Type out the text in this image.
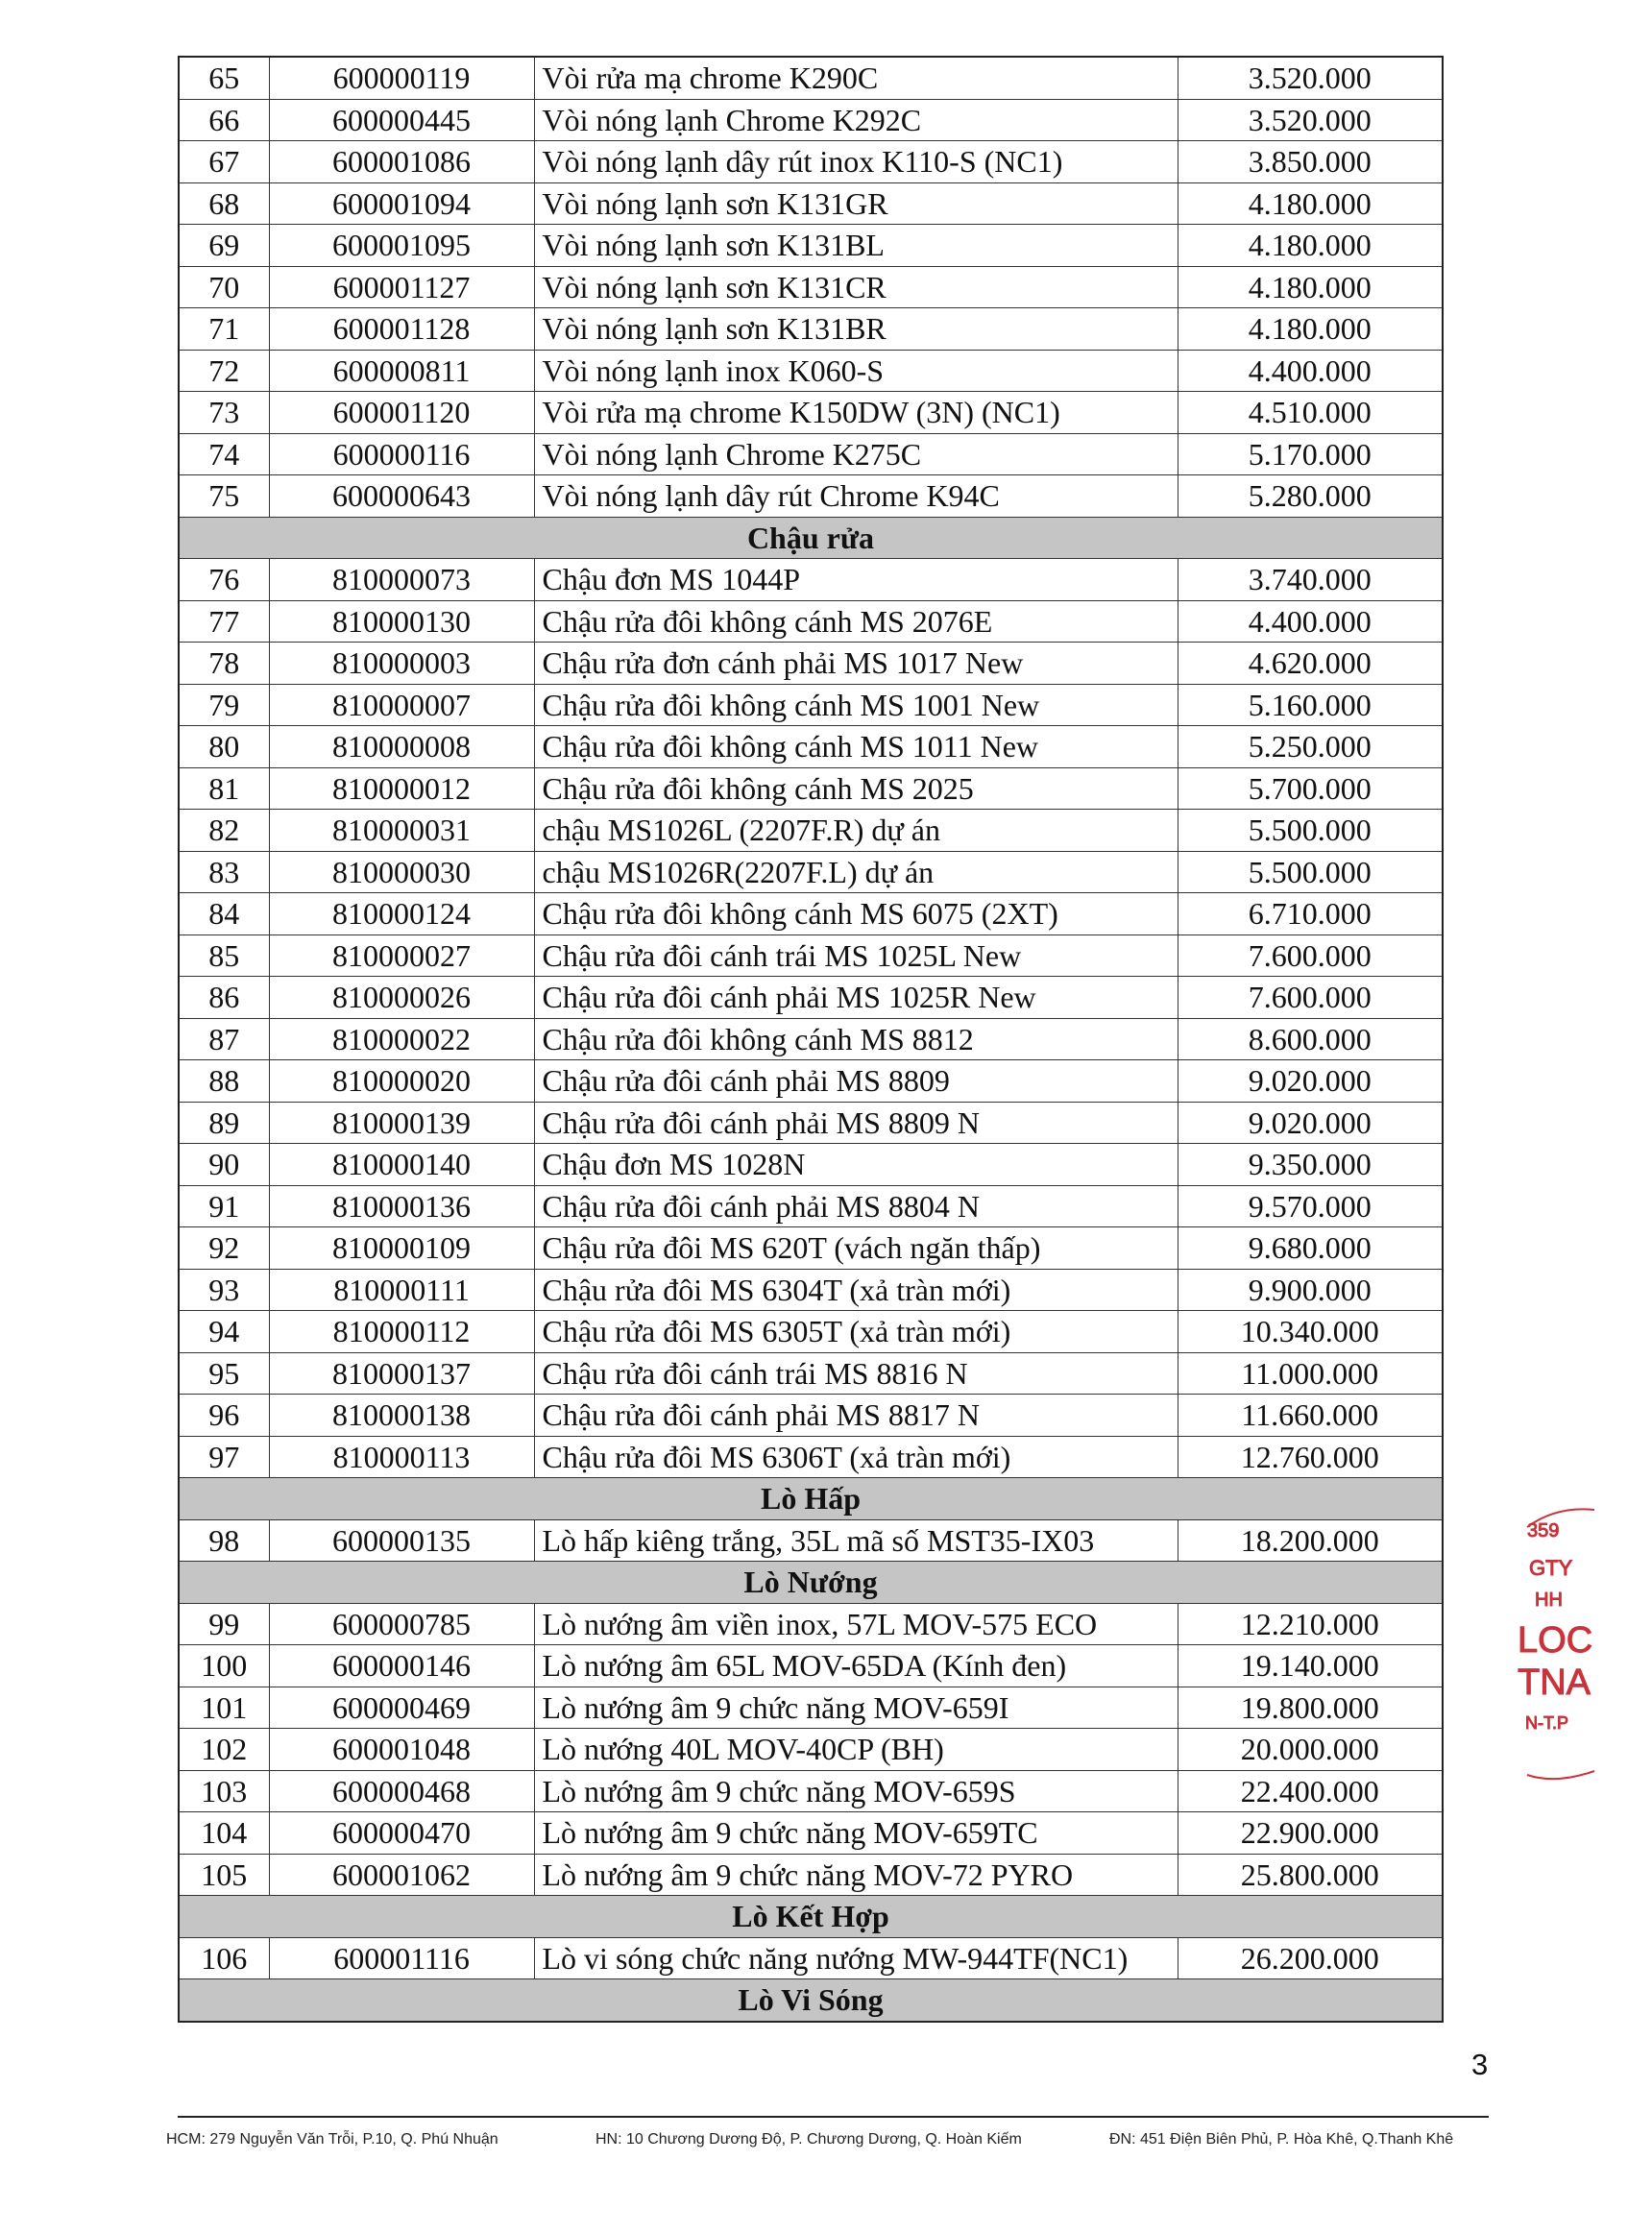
65	600000119	Vòi rửa mạ chrome K290C	3.520.000
66	600000445	Vòi nóng lạnh Chrome K292C	3.520.000
67	600001086	Vòi nóng lạnh dây rút inox K110-S (NC1)	3.850.000
68	600001094	Vòi nóng lạnh sơn K131GR	4.180.000
69	600001095	Vòi nóng lạnh sơn K131BL	4.180.000
70	600001127	Vòi nóng lạnh sơn K131CR	4.180.000
71	600001128	Vòi nóng lạnh sơn K131BR	4.180.000
72	600000811	Vòi nóng lạnh inox K060-S	4.400.000
73	600001120	Vòi rửa mạ chrome K150DW (3N) (NC1)	4.510.000
74	600000116	Vòi nóng lạnh Chrome K275C	5.170.000
75	600000643	Vòi nóng lạnh dây rút Chrome K94C	5.280.000
Chậu rửa			
76	810000073	Chậu đơn MS 1044P	3.740.000
77	810000130	Chậu rửa đôi không cánh MS 2076E	4.400.000
78	810000003	Chậu rửa đơn cánh phải MS 1017 New	4.620.000
79	810000007	Chậu rửa đôi không cánh MS 1001 New	5.160.000
80	810000008	Chậu rửa đôi không cánh MS 1011 New	5.250.000
81	810000012	Chậu rửa đôi không cánh MS 2025	5.700.000
82	810000031	chậu MS1026L (2207F.R) dự án	5.500.000
83	810000030	chậu MS1026R(2207F.L) dự án	5.500.000
84	810000124	Chậu rửa đôi không cánh MS 6075 (2XT)	6.710.000
85	810000027	Chậu rửa đôi cánh trái MS 1025L New	7.600.000
86	810000026	Chậu rửa đôi cánh phải MS 1025R New	7.600.000
87	810000022	Chậu rửa đôi không cánh MS 8812	8.600.000
88	810000020	Chậu rửa đôi cánh phải MS 8809	9.020.000
89	810000139	Chậu rửa đôi cánh phải MS 8809 N	9.020.000
90	810000140	Chậu đơn MS 1028N	9.350.000
91	810000136	Chậu rửa đôi cánh phải MS 8804 N	9.570.000
92	810000109	Chậu rửa đôi MS 620T (vách ngăn thấp)	9.680.000
93	810000111	Chậu rửa đôi MS 6304T (xả tràn mới)	9.900.000
94	810000112	Chậu rửa đôi MS 6305T (xả tràn mới)	10.340.000
95	810000137	Chậu rửa đôi cánh trái MS 8816 N	11.000.000
96	810000138	Chậu rửa đôi cánh phải MS 8817 N	11.660.000
97	810000113	Chậu rửa đôi MS 6306T (xả tràn mới)	12.760.000
Lò Hấp			
98	600000135	Lò hấp kiêng trắng, 35L mã số MST35-IX03	18.200.000
Lò Nướng			
99	600000785	Lò nướng âm viền inox, 57L MOV-575 ECO	12.210.000
100	600000146	Lò nướng âm 65L MOV-65DA (Kính đen)	19.140.000
101	600000469	Lò nướng âm 9 chức năng MOV-659I	19.800.000
102	600001048	Lò nướng 40L MOV-40CP (BH)	20.000.000
103	600000468	Lò nướng âm 9 chức năng MOV-659S	22.400.000
104	600000470	Lò nướng âm 9 chức năng MOV-659TC	22.900.000
105	600001062	Lò nướng âm 9 chức năng MOV-72 PYRO	25.800.000
Lò Kết Hợp			
106	600001116	Lò vi sóng chức năng nướng MW-944TF(NC1)	26.200.000
Lò Vi Sóng			
3
HCM: 279 Nguyễn Văn Trỗi, P.10, Q. Phú Nhuận	HN: 10 Chương Dương Độ, P. Chương Dương, Q. Hoàn Kiếm	ĐN: 451 Điện Biên Phủ, P. Hòa Khê, Q.Thanh Khê
359
GTY
HH
LOC
TNA
N-T.P
